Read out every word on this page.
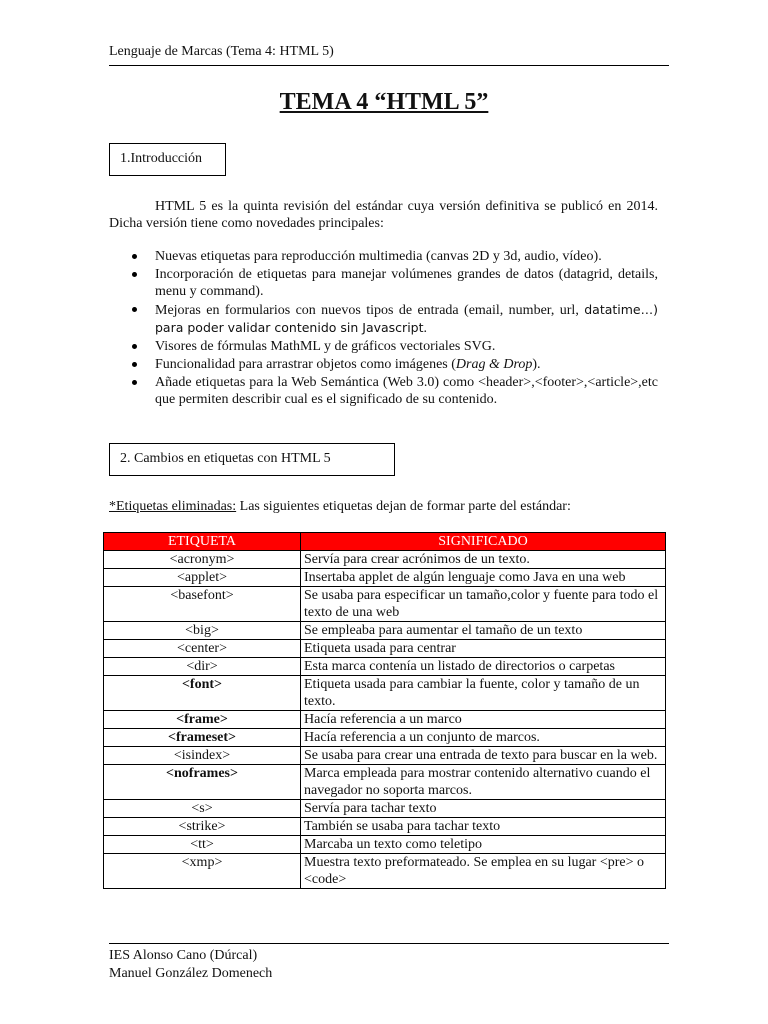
Lenguaje de Marcas (Tema 4: HTML 5)
TEMA 4 “HTML 5”
1.Introducción
HTML 5 es la quinta revisión del estándar cuya versión definitiva se publicó en 2014. Dicha versión tiene como novedades principales:
Nuevas etiquetas para reproducción multimedia (canvas 2D y 3d, audio, vídeo).
Incorporación de etiquetas para manejar volúmenes grandes de datos (datagrid, details, menu y command).
Mejoras en formularios con nuevos tipos de entrada (email, number, url, datatime…) para poder validar contenido sin Javascript.
Visores de fórmulas MathML y de gráficos vectoriales SVG.
Funcionalidad para arrastrar objetos como imágenes (Drag & Drop).
Añade etiquetas para la Web Semántica (Web 3.0) como <header>,<footer>,<article>,etc que permiten describir cual es el significado de su contenido.
2. Cambios en etiquetas con HTML 5
*Etiquetas eliminadas: Las siguientes etiquetas dejan de formar parte del estándar:
ETIQUETA	SIGNIFICADO
<acronym>	Servía para crear acrónimos de un texto.
<applet>	Insertaba applet de algún lenguaje como Java en una web
<basefont>	Se usaba para especificar un tamaño,color y fuente para todo el texto de una web
<big>	Se empleaba para aumentar el tamaño de un texto
<center>	Etiqueta usada para centrar
<dir>	Esta marca contenía un listado de directorios o carpetas
<font>	Etiqueta usada para cambiar la fuente, color y tamaño de un texto.
<frame>	Hacía referencia a un marco
<frameset>	Hacía referencia a un conjunto de marcos.
<isindex>	Se usaba para crear una entrada de texto para buscar en la web.
<noframes>	Marca empleada para mostrar contenido alternativo cuando el navegador no soporta marcos.
<s>	Servía para tachar texto
<strike>	También se usaba para tachar texto
<tt>	Marcaba un texto como teletipo
<xmp>	Muestra texto preformateado. Se emplea en su lugar <pre> o <code>
IES Alonso Cano (Dúrcal)
Manuel González Domenech
